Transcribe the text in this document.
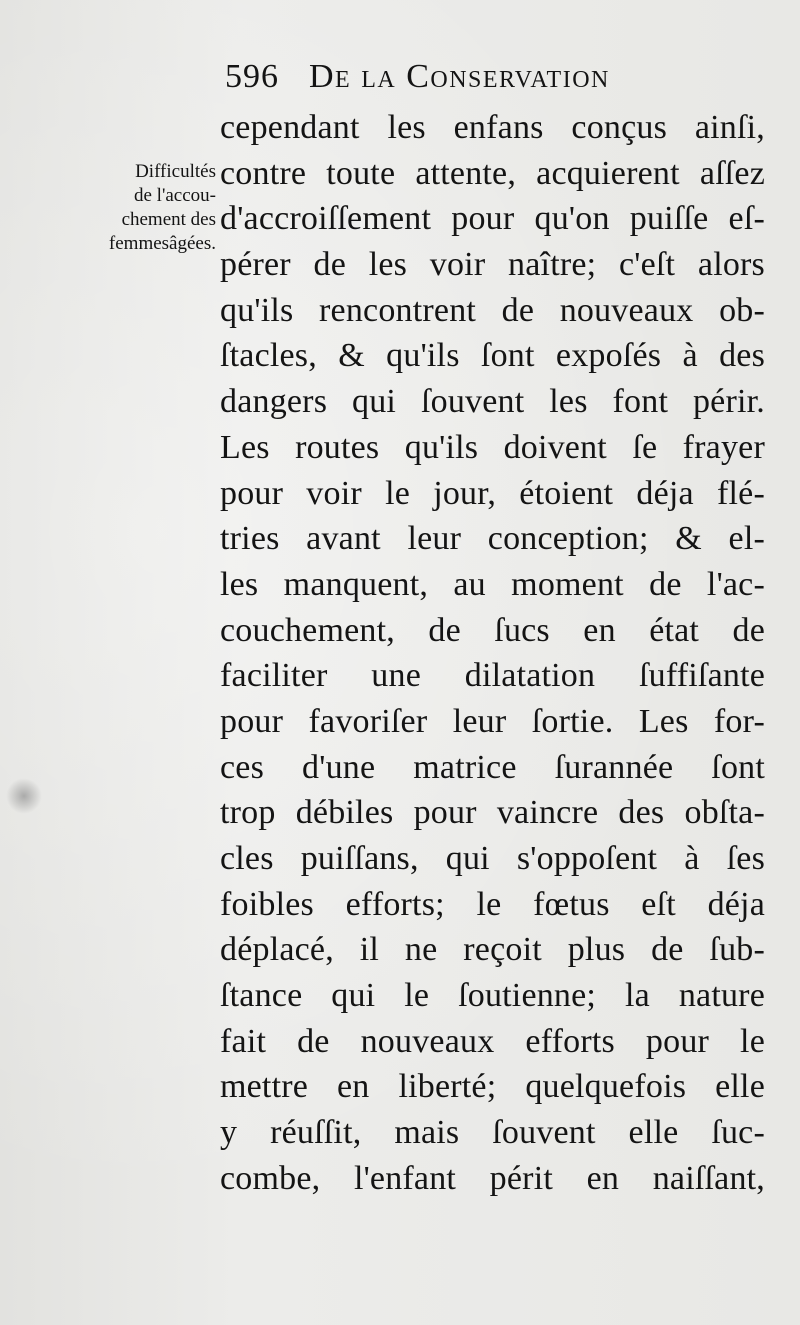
596 De la Conservation
Difficultés
de l'accou-
chement des
femmesâgées.
cependant les enfans conçus ainſi,
contre toute attente, acquierent aſſez
d'accroiſſement pour qu'on puiſſe eſ-
pérer de les voir naître; c'eſt alors
qu'ils rencontrent de nouveaux ob-
ſtacles, & qu'ils ſont expoſés à des
dangers qui ſouvent les font périr.
Les routes qu'ils doivent ſe frayer
pour voir le jour, étoient déja flé-
tries avant leur conception; & el-
les manquent, au moment de l'ac-
couchement, de ſucs en état de
faciliter une dilatation ſuffiſante
pour favoriſer leur ſortie. Les for-
ces d'une matrice ſurannée ſont
trop débiles pour vaincre des obſta-
cles puiſſans, qui s'oppoſent à ſes
foibles efforts; le fœtus eſt déja
déplacé, il ne reçoit plus de ſub-
ſtance qui le ſoutienne; la nature
fait de nouveaux efforts pour le
mettre en liberté; quelquefois elle
y réuſſit, mais ſouvent elle ſuc-
combe, l'enfant périt en naiſſant,
